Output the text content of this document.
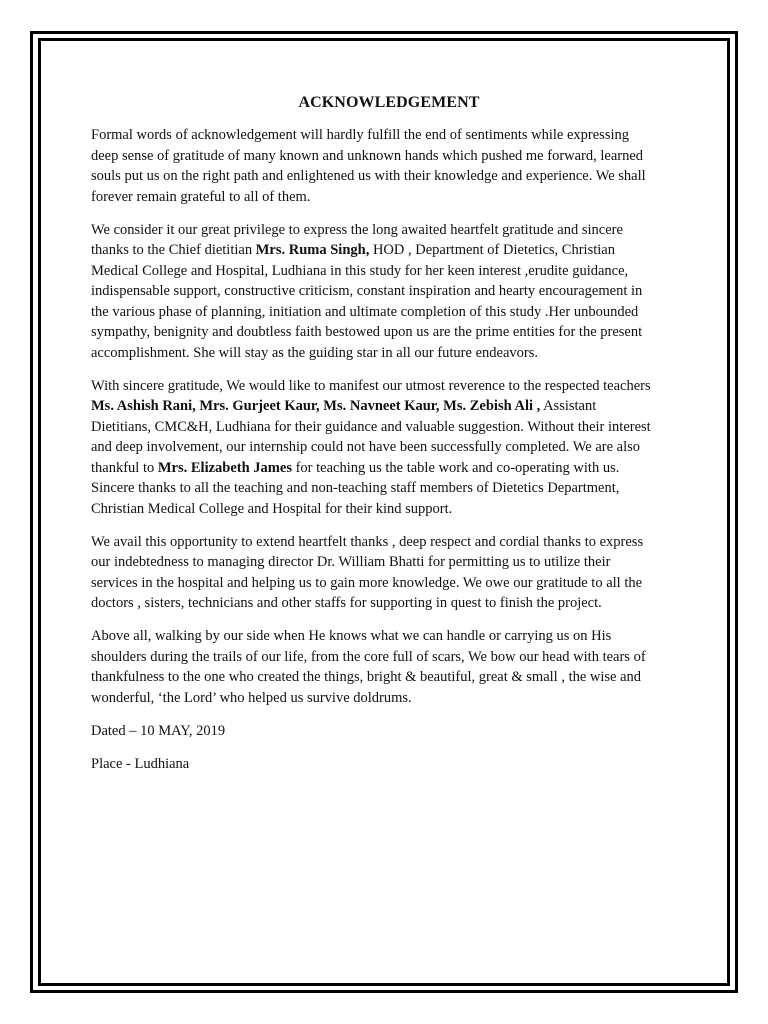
ACKNOWLEDGEMENT
Formal words of acknowledgement will hardly fulfill the end of sentiments while expressing
deep sense of gratitude of many known and unknown hands which pushed me forward, learned
souls put us on the right path and enlightened us with their knowledge and experience. We shall
forever remain grateful to all of them.
We consider it our great privilege to express the long awaited heartfelt gratitude and sincere
thanks to the Chief dietitian Mrs. Ruma Singh, HOD , Department of Dietetics, Christian
Medical College and Hospital, Ludhiana in this study for her keen interest ,erudite guidance,
indispensable support, constructive criticism, constant inspiration and hearty encouragement in
the various phase of planning, initiation and ultimate completion of this study .Her unbounded
sympathy, benignity and doubtless faith bestowed upon us are the prime entities for the present
accomplishment. She will stay as the guiding star in all our future endeavors.
With sincere gratitude, We would like to manifest our utmost reverence to the respected teachers
Ms. Ashish Rani, Mrs. Gurjeet Kaur, Ms. Navneet Kaur, Ms. Zebish Ali , Assistant
Dietitians, CMC&H, Ludhiana for their guidance and valuable suggestion. Without their interest
and deep involvement, our internship could not have been successfully completed. We are also
thankful to Mrs. Elizabeth James for teaching us the table work and co-operating with us.
Sincere thanks to all the teaching and non-teaching staff members of Dietetics Department,
Christian Medical College and Hospital for their kind support.
We avail this opportunity to extend heartfelt thanks , deep respect and cordial thanks to express
our indebtedness to managing director Dr. William Bhatti for permitting us to utilize their
services in the hospital and helping us to gain more knowledge. We owe our gratitude to all the
doctors , sisters, technicians and other staffs for supporting in quest to finish the project.
Above all, walking by our side when He knows what we can handle or carrying us on His
shoulders during the trails of our life, from the core full of scars, We bow our head with tears of
thankfulness to the one who created the things, bright & beautiful, great & small , the wise and
wonderful, ‘the Lord’ who helped us survive doldrums.
Dated – 10 MAY, 2019
Place - Ludhiana
